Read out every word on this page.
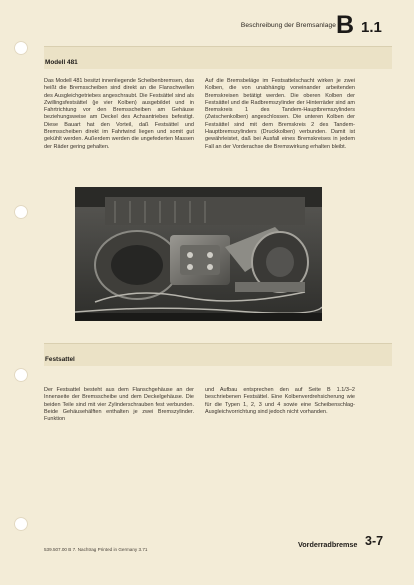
Beschreibung der Bremsanlage B 1.1
Modell 481
Das Modell 481 besitzt innenliegende Scheibenbremsen, das heißt die Bremsscheiben sind direkt an die Flanschwellen des Ausgleichgetriebes angeschraubt. Die Festsättel sind als Zwillingsfestsättel (je vier Kolben) ausgebildet und in Fahrtrichtung vor den Bremsscheiben am Gehäuse beziehungsweise am Deckel des Achsantriebes befestigt. Diese Bauart hat den Vorteil, daß Festsättel und Bremsscheiben direkt im Fahrtwind liegen und somit gut gekühlt werden. Außerdem werden die ungefederten Massen der Räder gering gehalten.
Auf die Bremsbeläge im Festsattelschacht wirken je zwei Kolben, die von unabhängig voneinander arbeitenden Bremskreisen betätigt werden. Die oberen Kolben der Festsättel und die Radbremszylinder der Hinterräder sind am Bremskreis 1 des Tandem-Hauptbremszylinders (Zwischenkolben) angeschlossen. Die unteren Kolben der Festsättel sind mit dem Bremskreis 2 des Tandem-Hauptbremszylinders (Druckkolben) verbunden. Damit ist gewährleistet, daß bei Ausfall eines Bremskreises in jedem Fall an der Vorderachse die Bremswirkung erhalten bleibt.
Festsattel
Der Festsattel besteht aus dem Flanschgehäuse an der Innenseite der Bremsscheibe und dem Deckelgehäuse. Die beiden Teile sind mit vier Zylinderschrauben fest verbunden. Beide Gehäusehälften enthalten je zwei Bremszylinder. Funktion
und Aufbau entsprechen den auf Seite B 1.1/3–2 beschriebenen Festsättel. Eine Kolbenverdrehsicherung wie für die Typen 1, 2, 3 und 4 sowie eine Scheibenschlag-Ausgleichvorrichtung sind jedoch nicht vorhanden.
539.507.00 B 7. Nachtrag Printed in Germany 3.71
Vorderradbremse 3-7
